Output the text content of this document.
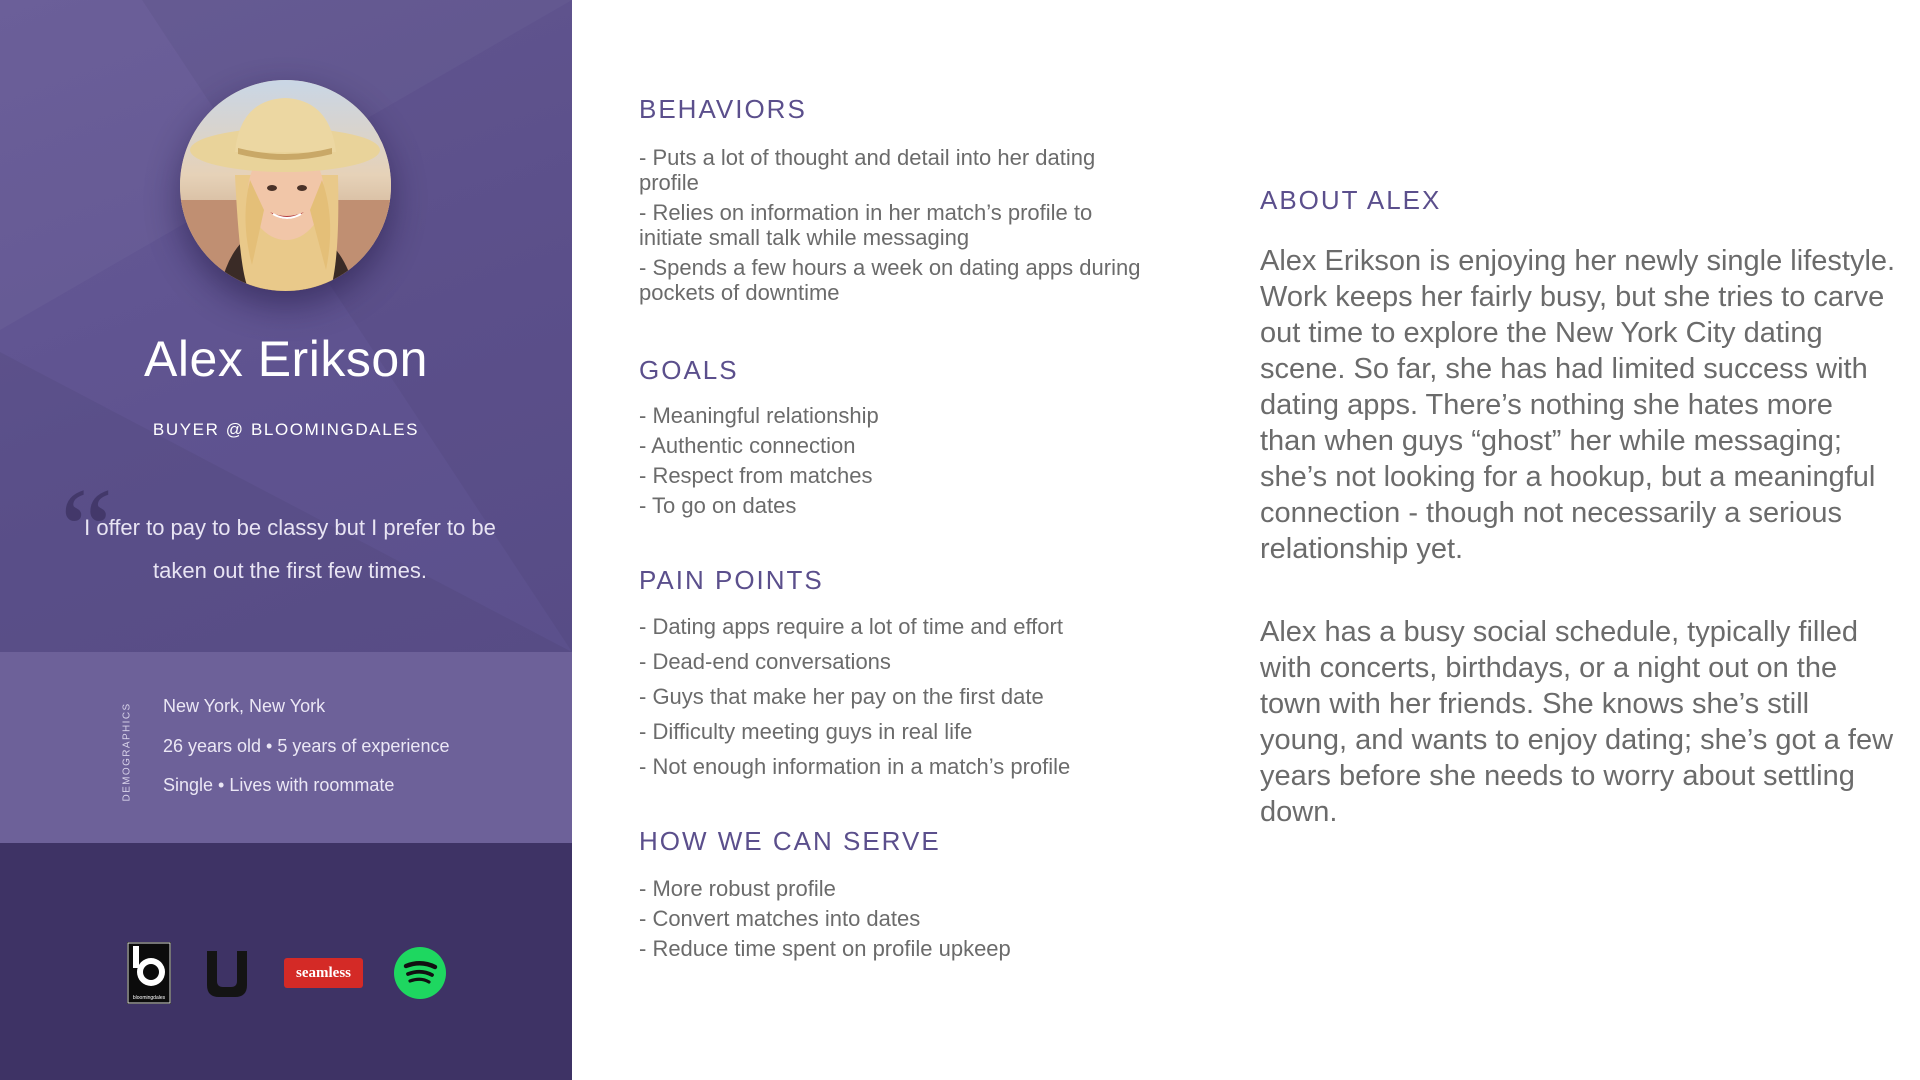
Alex Erikson
BUYER @ BLOOMINGDALES
“
I offer to pay to be classy but I prefer to be taken out the first few times.
DEMOGRAPHICS New York, New York
26 years old • 5 years of experience
Single • Lives with roommate
bloomingdales
seamless
BEHAVIORS
- Puts a lot of thought and detail into her dating profile
- Relies on information in her match’s profile to initiate small talk while messaging
- Spends a few hours a week on dating apps during pockets of downtime
GOALS
- Meaningful relationship
- Authentic connection
- Respect from matches
- To go on dates
PAIN POINTS
- Dating apps require a lot of time and effort
- Dead-end conversations
- Guys that make her pay on the first date
- Difficulty meeting guys in real life
- Not enough information in a match’s profile
HOW WE CAN SERVE
- More robust profile
- Convert matches into dates
- Reduce time spent on profile upkeep
ABOUT ALEX
Alex Erikson is enjoying her newly single lifestyle. Work keeps her fairly busy, but she tries to carve out time to explore the New York City dating scene. So far, she has had limited success with dating apps. There’s nothing she hates more than when guys “ghost” her while messaging; she’s not looking for a hookup, but a meaningful connection - though not necessarily a serious relationship yet.
Alex has a busy social schedule, typically filled with concerts, birthdays, or a night out on the town with her friends. She knows she’s still young, and wants to enjoy dating; she’s got a few years before she needs to worry about settling down.
